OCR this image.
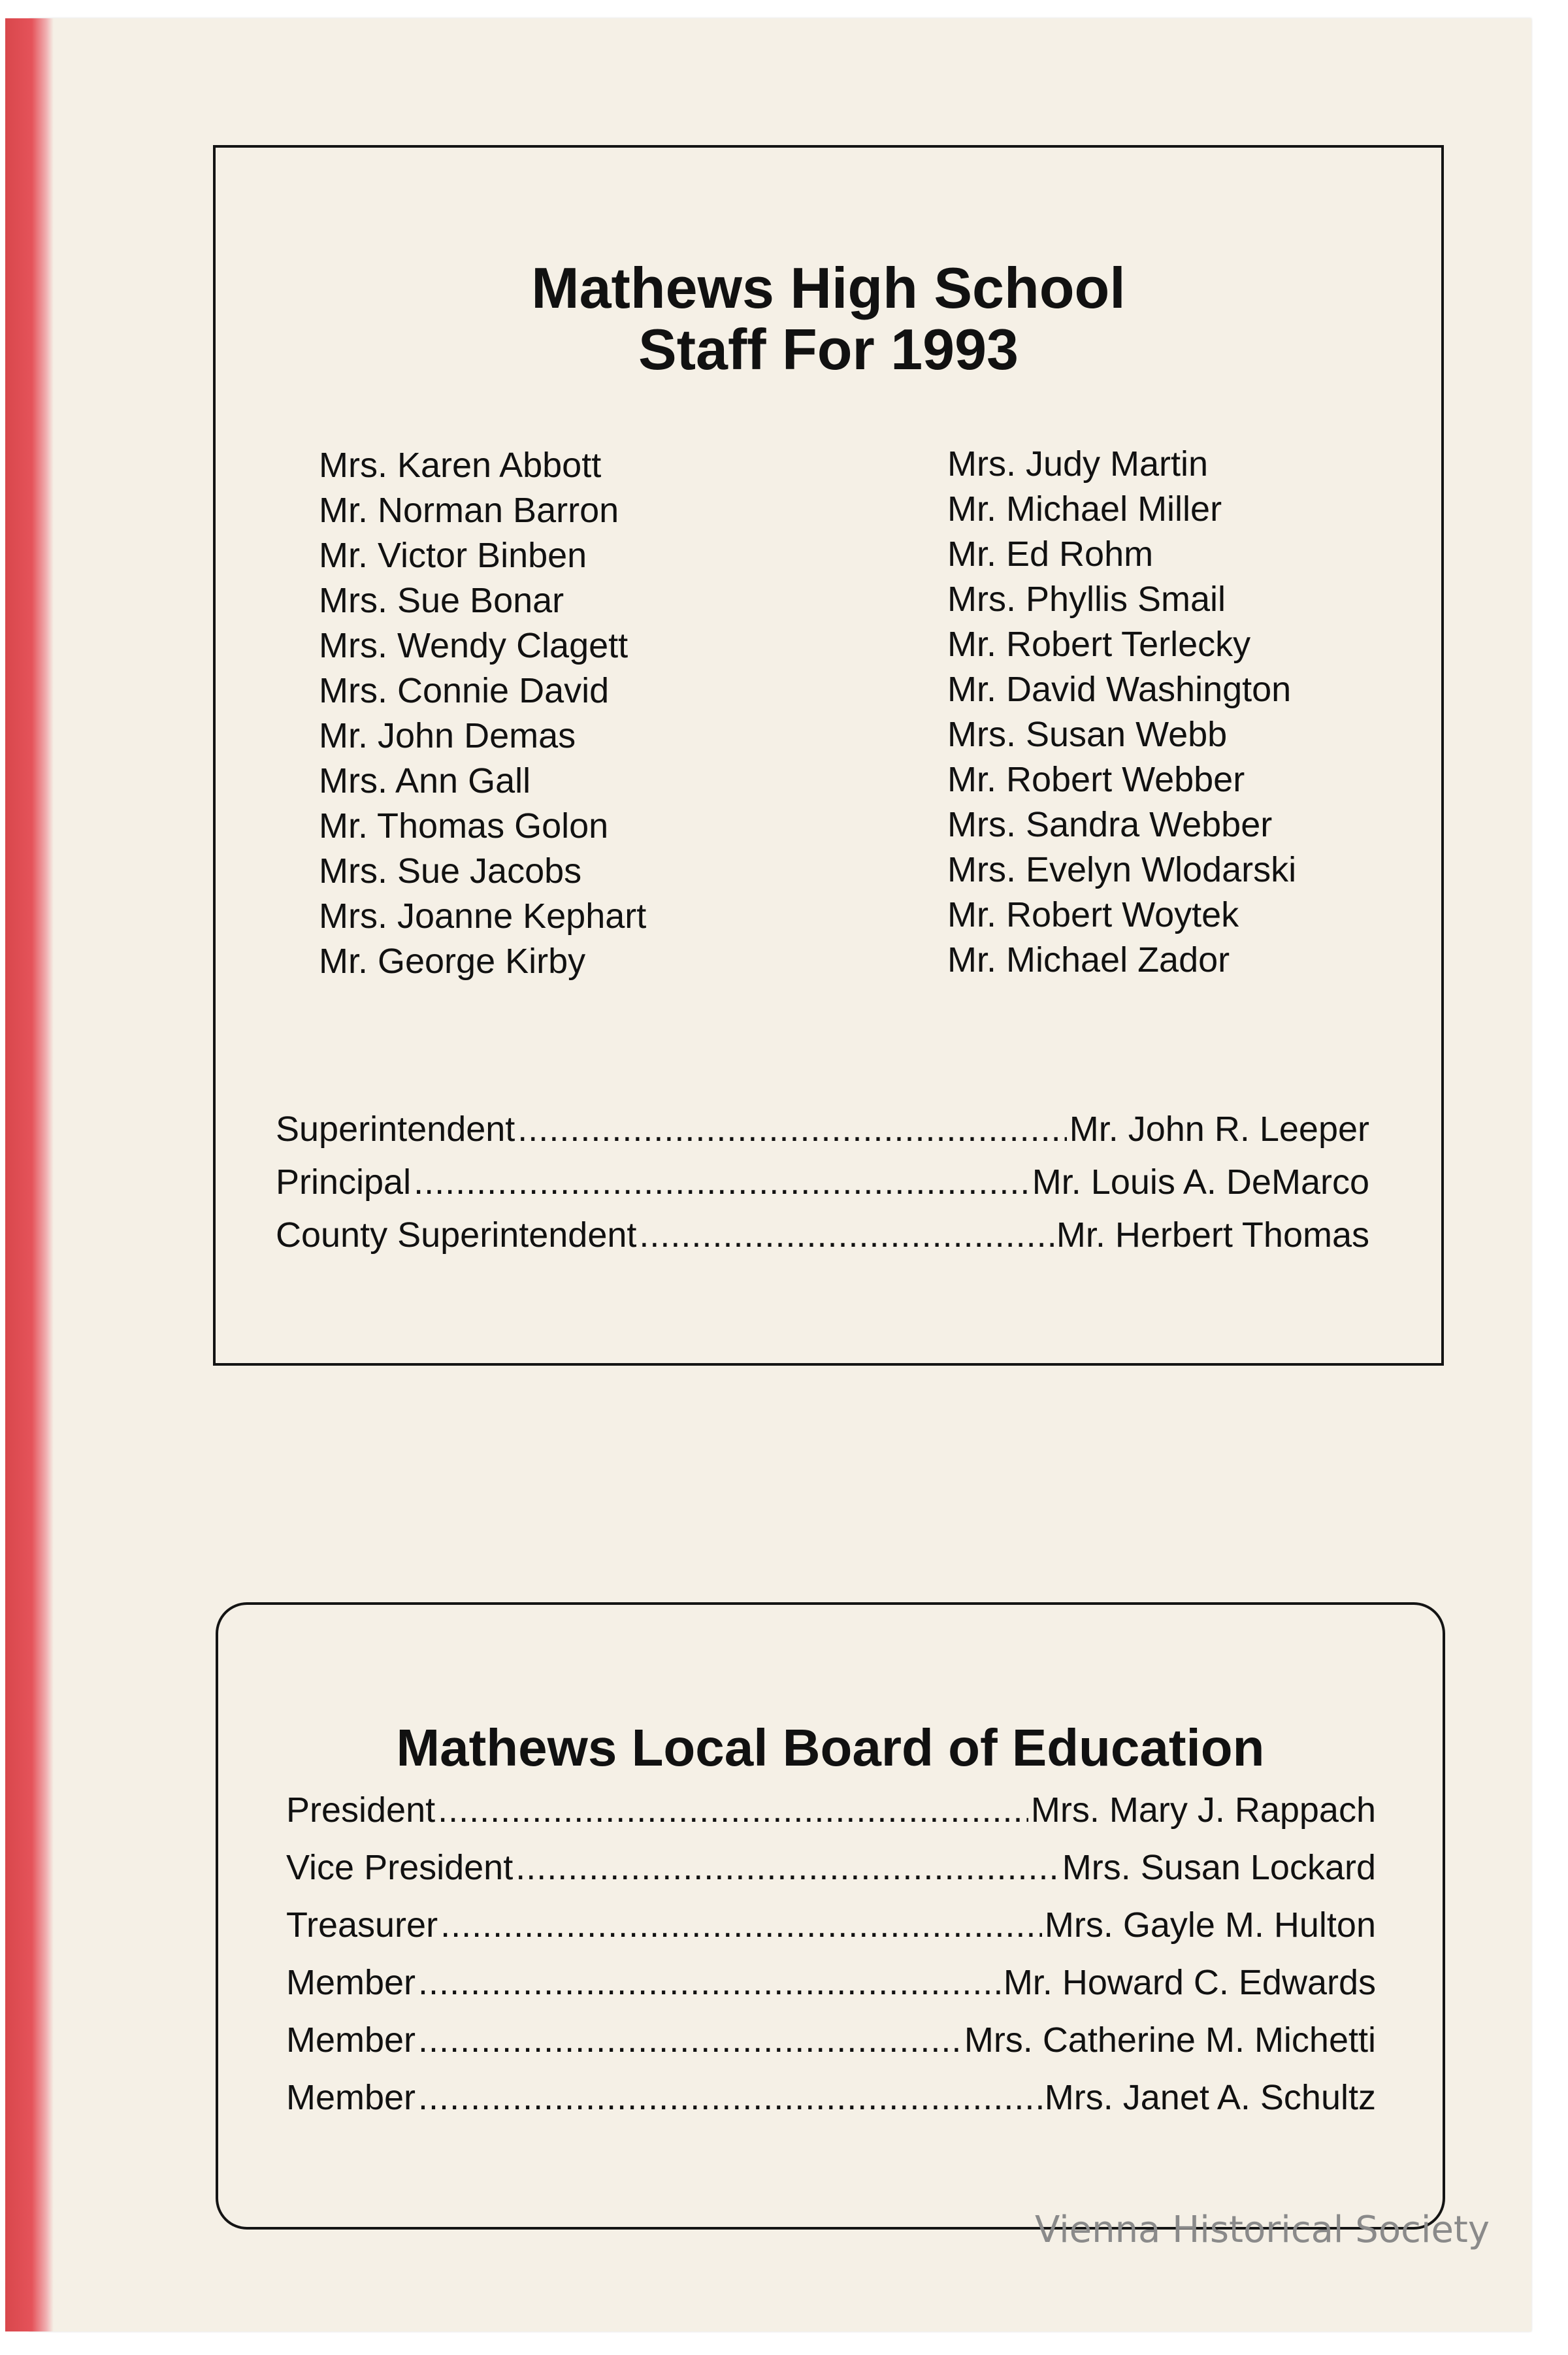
Mathews High School
Staff For 1993
Mrs. Karen Abbott
Mr. Norman Barron
Mr. Victor Binben
Mrs. Sue Bonar
Mrs. Wendy Clagett
Mrs. Connie David
Mr. John Demas
Mrs. Ann Gall
Mr. Thomas Golon
Mrs. Sue Jacobs
Mrs. Joanne Kephart
Mr. George Kirby
Mrs. Judy Martin
Mr. Michael Miller
Mr. Ed Rohm
Mrs. Phyllis Smail
Mr. Robert Terlecky
Mr. David Washington
Mrs. Susan Webb
Mr. Robert Webber
Mrs. Sandra Webber
Mrs. Evelyn Wlodarski
Mr. Robert Woytek
Mr. Michael Zador
Superintendent . . .	Mr. John R. Leeper
Principal . . .	Mr. Louis A. DeMarco
County Superintendent . . .	Mr. Herbert Thomas
Mathews Local Board of Education
President . . .	Mrs. Mary J. Rappach
Vice President . . .	Mrs. Susan Lockard
Treasurer . . .	Mrs. Gayle M. Hulton
Member . . .	Mr. Howard C. Edwards
Member . . .	Mrs. Catherine M. Michetti
Member . . .	Mrs. Janet A. Schultz
Vienna Historical Society
